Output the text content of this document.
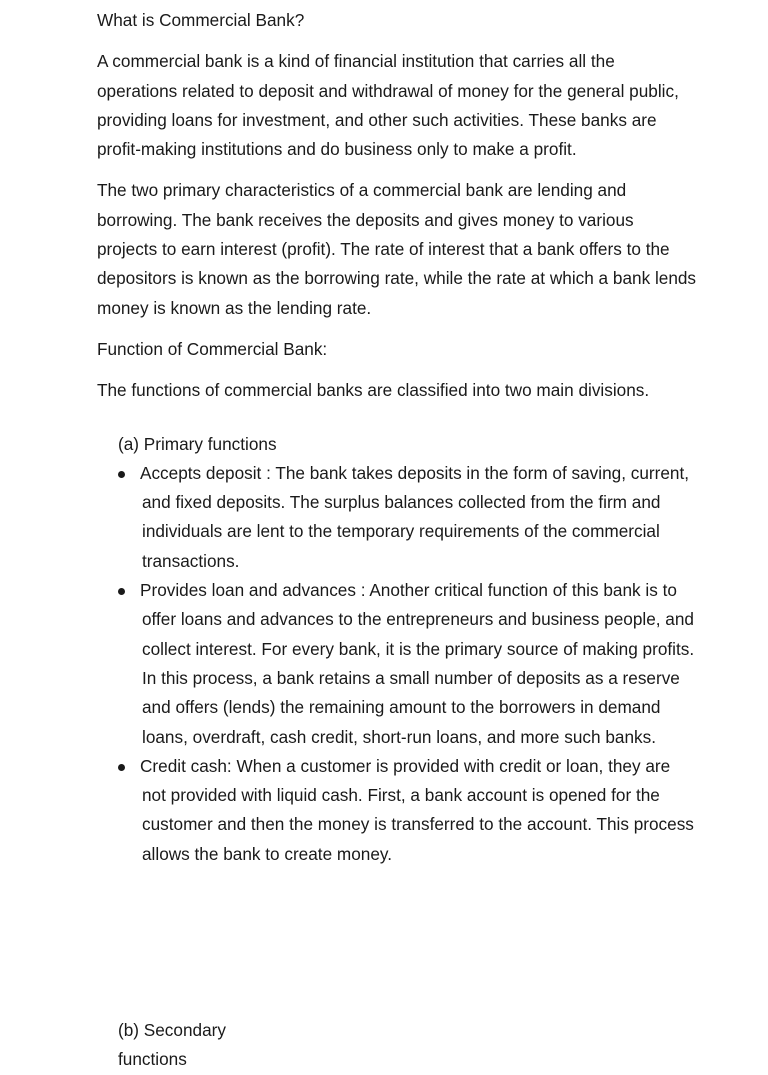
What is Commercial Bank?

A commercial bank is a kind of financial institution that carries all the operations related to deposit and withdrawal of money for the general public, providing loans for investment, and other such activities. These banks are profit-making institutions and do business only to make a profit.

The two primary characteristics of a commercial bank are lending and borrowing. The bank receives the deposits and gives money to various projects to earn interest (profit). The rate of interest that a bank offers to the depositors is known as the borrowing rate, while the rate at which a bank lends money is known as the lending rate.

Function of Commercial Bank:

The functions of commercial banks are classified into two main divisions.

(a) Primary functions

Accepts deposit : The bank takes deposits in the form of saving, current, and fixed deposits. The surplus balances collected from the firm and individuals are lent to the temporary requirements of the commercial transactions.
Provides loan and advances : Another critical function of this bank is to offer loans and advances to the entrepreneurs and business people, and collect interest. For every bank, it is the primary source of making profits. In this process, a bank retains a small number of deposits as a reserve and offers (lends) the remaining amount to the borrowers in demand loans, overdraft, cash credit, short-run loans, and more such banks.
Credit cash: When a customer is provided with credit or loan, they are not provided with liquid cash. First, a bank account is opened for the customer and then the money is transferred to the account. This process allows the bank to create money.
(b) Secondary functions
